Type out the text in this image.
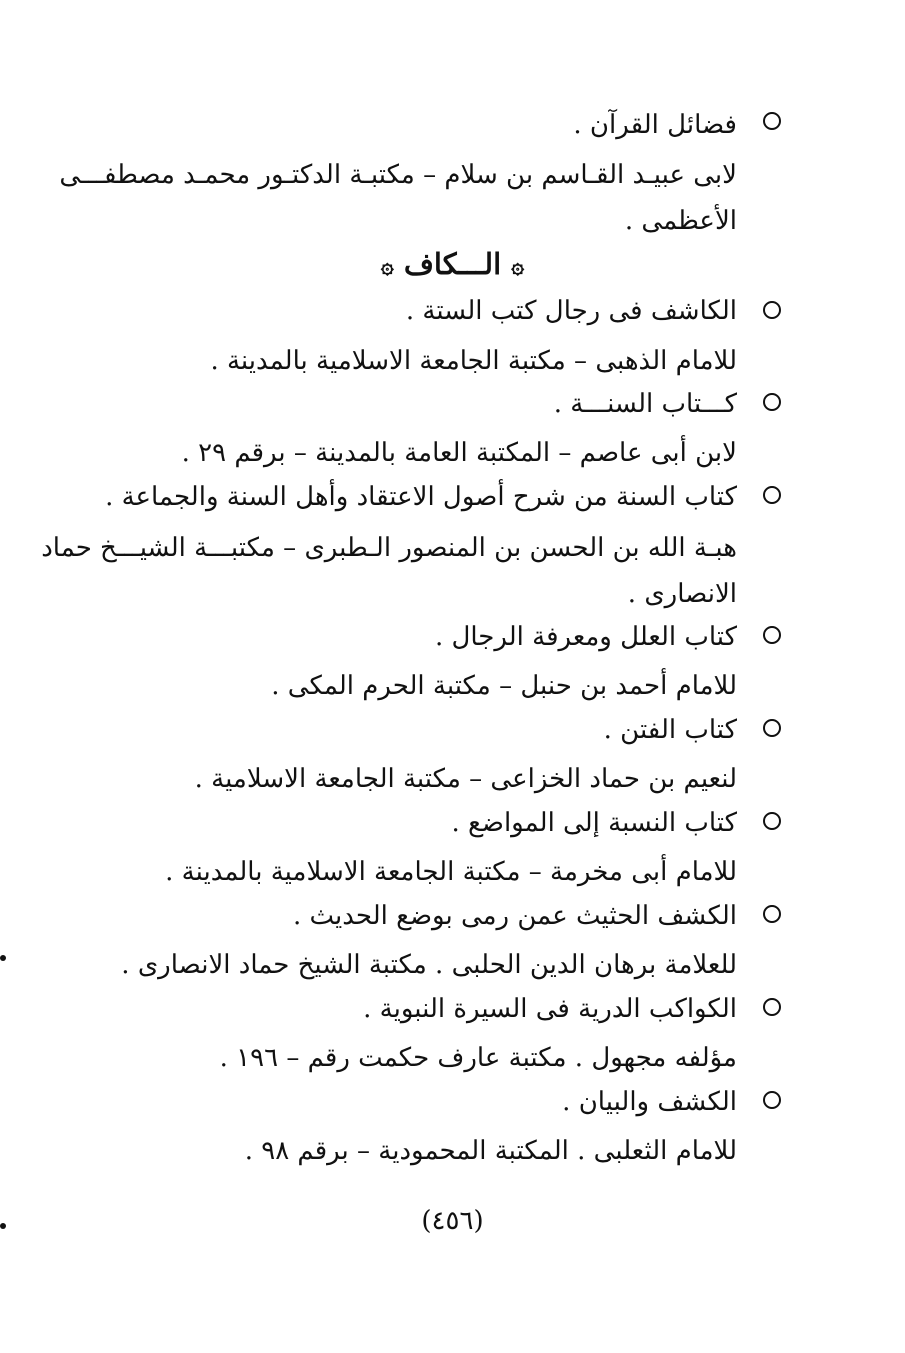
فضائل القرآن .
لابى عبيـد القـاسم بن سلام – مكتبـة الدكتـور محمـد مصطفـــى
الأعظمى .
۞ الـــكاف ۞
الكاشف فى رجال كتب الستة .
للامام الذهبى – مكتبة الجامعة الاسلامية بالمدينة .
كـــتاب السنـــة .
لابن أبى عاصم – المكتبة العامة بالمدينة – برقم ٢٩ .
كتاب السنة من شرح أصول الاعتقاد وأهل السنة والجماعة .
هبـة الله بن الحسن بن المنصور الـطبرى – مكتبـــة الشيـــخ حماد
الانصارى .
كتاب العلل ومعرفة الرجال .
للامام أحمد بن حنبل – مكتبة الحرم المكى .
كتاب الفتن .
لنعيم بن حماد الخزاعى – مكتبة الجامعة الاسلامية .
كتاب النسبة إلى المواضع .
للامام أبى مخرمة – مكتبة الجامعة الاسلامية بالمدينة .
الكشف الحثيث عمن رمى بوضع الحديث .
للعلامة برهان الدين الحلبى . مكتبة الشيخ حماد الانصارى .
الكواكب الدرية فى السيرة النبوية .
مؤلفه مجهول . مكتبة عارف حكمت رقم – ١٩٦ .
الكشف والبيان .
للامام الثعلبى . المكتبة المحمودية – برقم ٩٨ .
(٤٥٦)
